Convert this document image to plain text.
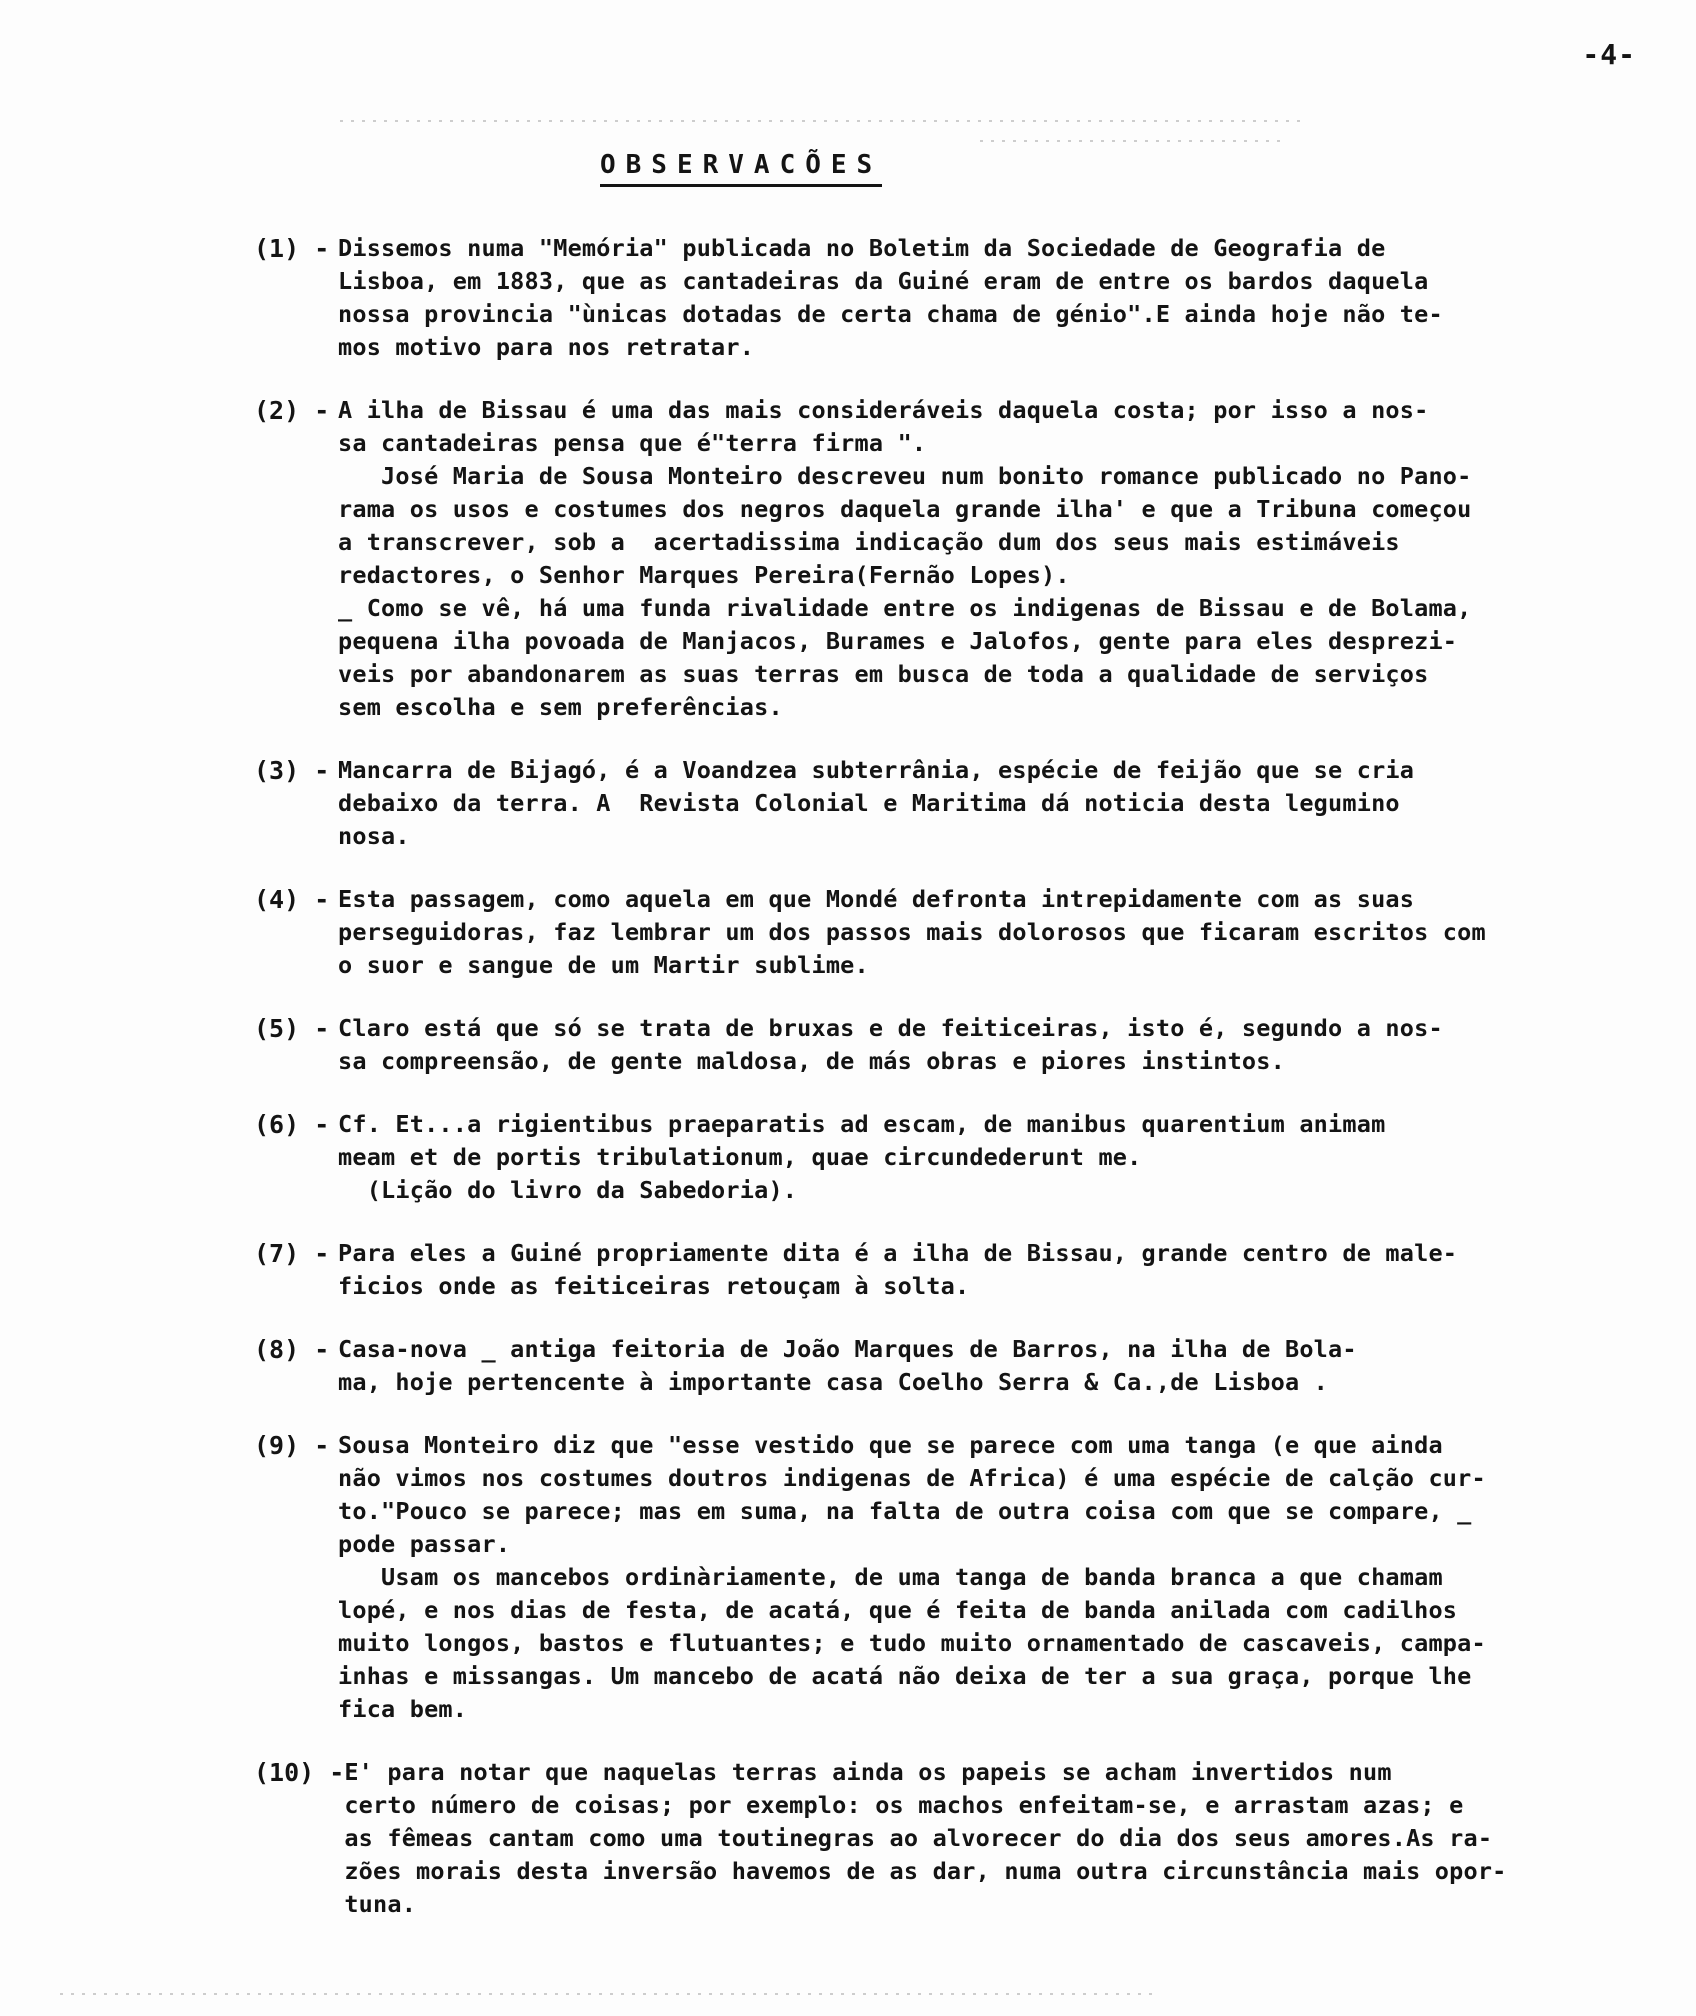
-4-
OBSERVACÕES
(1) - Dissemos numa "Memória" publicada no Boletim da Sociedade de Geografia de
Lisboa, em 1883, que as cantadeiras da Guiné eram de entre os bardos daquela
nossa provincia "ùnicas dotadas de certa chama de génio".E ainda hoje não te-
mos motivo para nos retratar.
(2) - A ilha de Bissau é uma das mais consideráveis daquela costa; por isso a nos-
sa cantadeiras pensa que é"terra firma ".
José Maria de Sousa Monteiro descreveu num bonito romance publicado no Pano-
rama os usos e costumes dos negros daquela grande ilha' e que a Tribuna começou
a transcrever, sob a  acertadissima indicação dum dos seus mais estimáveis
redactores, o Senhor Marques Pereira(Fernão Lopes).
_ Como se vê, há uma funda rivalidade entre os indigenas de Bissau e de Bolama,
pequena ilha povoada de Manjacos, Burames e Jalofos, gente para eles desprezi-
veis por abandonarem as suas terras em busca de toda a qualidade de serviços
sem escolha e sem preferências.
(3) - Mancarra de Bijagó, é a Voandzea subterrânia, espécie de feijão que se cria
debaixo da terra. A  Revista Colonial e Maritima dá noticia desta legumino
nosa.
(4) - Esta passagem, como aquela em que Mondé defronta intrepidamente com as suas
perseguidoras, faz lembrar um dos passos mais dolorosos que ficaram escritos com
o suor e sangue de um Martir sublime.
(5) - Claro está que só se trata de bruxas e de feiticeiras, isto é, segundo a nos-
sa compreensão, de gente maldosa, de más obras e piores instintos.
(6) - Cf. Et...a rigientibus praeparatis ad escam, de manibus quarentium animam
meam et de portis tribulationum, quae circundederunt me.
(Lição do livro da Sabedoria).
(7) - Para eles a Guiné propriamente dita é a ilha de Bissau, grande centro de male-
ficios onde as feiticeiras retouçam à solta.
(8) - Casa-nova _ antiga feitoria de João Marques de Barros, na ilha de Bola-
ma, hoje pertencente à importante casa Coelho Serra & Ca.,de Lisboa .
(9) - Sousa Monteiro diz que "esse vestido que se parece com uma tanga (e que ainda
não vimos nos costumes doutros indigenas de Africa) é uma espécie de calção cur-
to."Pouco se parece; mas em suma, na falta de outra coisa com que se compare, _
pode passar.
Usam os mancebos ordinàriamente, de uma tanga de banda branca a que chamam
lopé, e nos dias de festa, de acatá, que é feita de banda anilada com cadilhos
muito longos, bastos e flutuantes; e tudo muito ornamentado de cascaveis, campa-
inhas e missangas. Um mancebo de acatá não deixa de ter a sua graça, porque lhe
fica bem.
(10) - E' para notar que naquelas terras ainda os papeis se acham invertidos num
certo número de coisas; por exemplo: os machos enfeitam-se, e arrastam azas; e
as fêmeas cantam como uma toutinegras ao alvorecer do dia dos seus amores.As ra-
zões morais desta inversão havemos de as dar, numa outra circunstância mais opor-
tuna.
